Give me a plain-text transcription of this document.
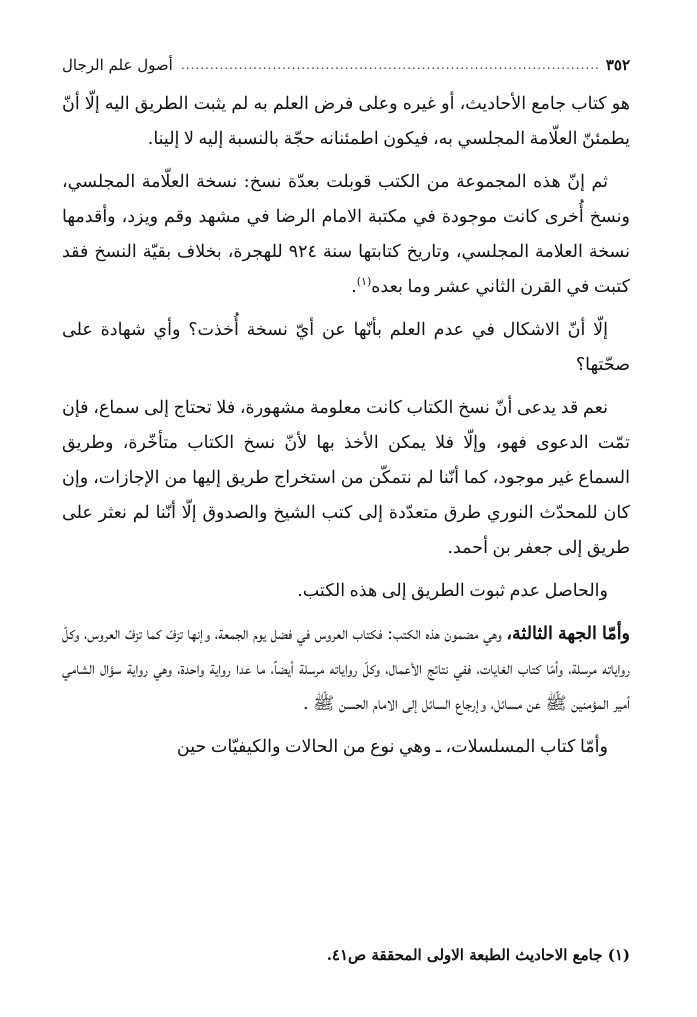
٣٥٢
.....
أصول علم الرجال

هو كتاب جامع الأحاديث، أو غيره وعلى فرض العلم به لم يثبت الطريق اليه إلّا أنّ يطمئنّ العلّامة المجلسي به، فيكون اطمئنانه حجّة بالنسبة إليه لا إلينا.

ثم إنّ هذه المجموعة من الكتب قوبلت بعدّة نسخ: نسخة العلّامة المجلسي، ونسخ أُخرى كانت موجودة في مكتبة الامام الرضا في مشهد وقم ويزد، وأقدمها نسخة العلامة المجلسي، وتاريخ كتابتها سنة ٩٢٤ للهجرة، بخلاف بقيّة النسخ فقد كتبت في القرن الثاني عشر وما بعده$^{(١)}$.

إلّا أنّ الاشكال في عدم العلم بأنّها عن أيّ نسخة أُخذت؟ وأي شهادة على صحّتها؟

نعم قد يدعى أنّ نسخ الكتاب كانت معلومة مشهورة، فلا تحتاج إلى سماع، فإن تمّت الدعوى فهو، وإلّا فلا يمكن الأخذ بها لأنّ نسخ الكتاب متأخّرة، وطريق السماع غير موجود، كما أنّنا لم نتمكّن من استخراج طريق إليها من الإجازات، وإن كان للمحدّث النوري طرق متعدّدة إلى كتب الشيخ والصدوق إلّا أنّنا لم نعثر على طريق إلى جعفر بن أحمد.

والحاصل عدم ثبوت الطريق إلى هذه الكتب.

وأمّا الجهة الثالثة، وهي مضمون هذه الكتب: فكتاب العروس في فضل يوم الجمعة، وإنها تزفّ كما تزفّ العروس، وكلّ رواياته مرسلة، وأمّا كتاب الغايات، ففي نتائج الأعمال، وكلّ رواياته مرسلة أيضاً، ما عدا رواية واحدة، وهي رواية سؤال الشامي أمير المؤمنين ﷺ عن مسائل، وإرجاع السائل إلى الامام الحسن ﷺ .

وأمّا كتاب المسلسلات، ـ وهي نوع من الحالات والكيفيّات حين

(١) جامع الاحاديث الطبعة الاولى المحققة ص٤١.
